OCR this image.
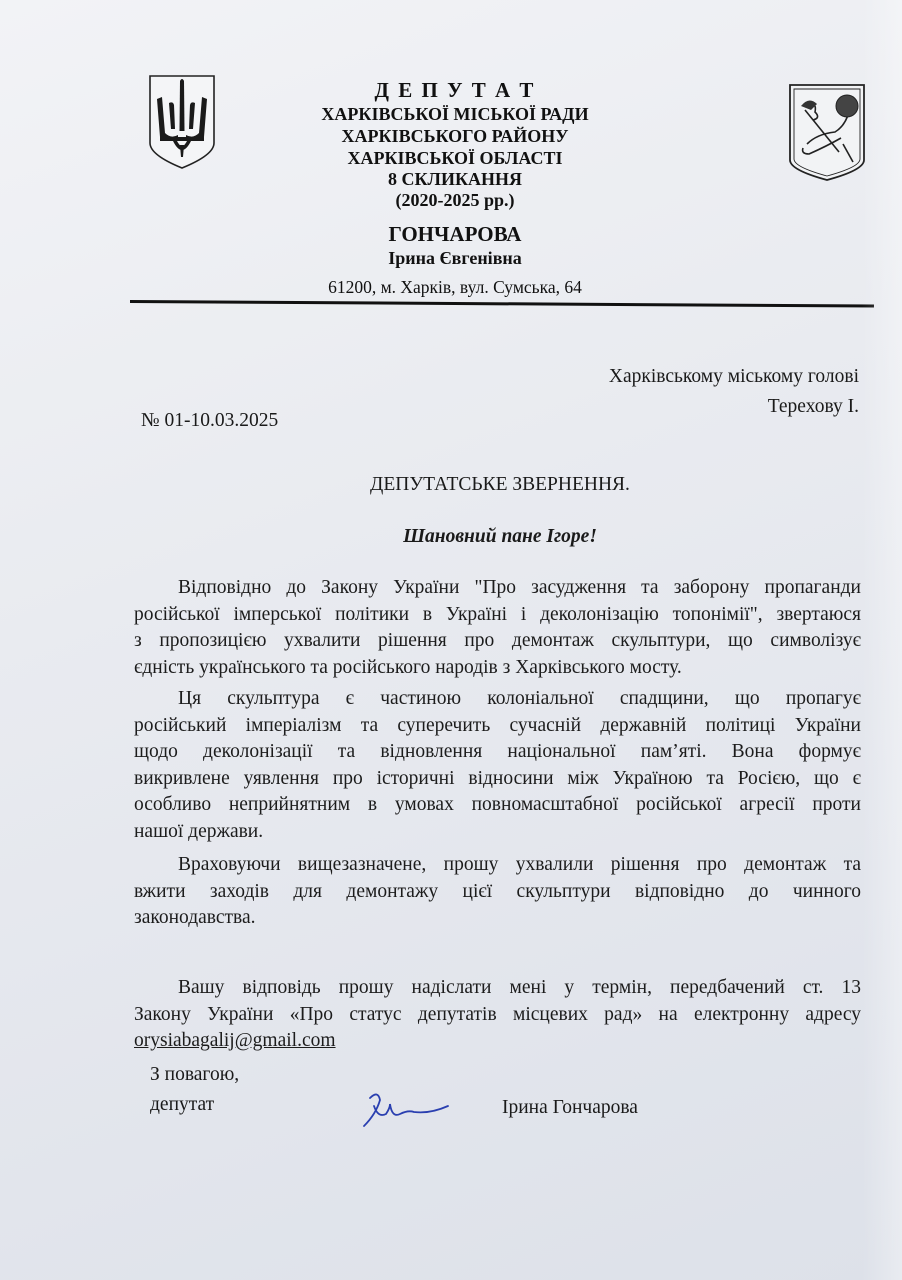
Д Е П У Т А Т
ХАРКІВСЬКОЇ МІСЬКОЇ РАДИ
ХАРКІВСЬКОГО РАЙОНУ
ХАРКІВСЬКОЇ ОБЛАСТІ
8 СКЛИКАННЯ
(2020-2025 рр.)
ГОНЧАРОВА
Ірина Євгенівна
61200, м. Харків, вул. Сумська, 64
Харківському міському голові
Терехову І.
№ 01-10.03.2025
ДЕПУТАТСЬКЕ ЗВЕРНЕННЯ.
Шановний пане Ігоре!
Відповідно до Закону України "Про засудження та заборону пропаганди
російської імперської політики в Україні і деколонізацію топонімії", звертаюся
з пропозицією ухвалити рішення про демонтаж скульптури, що символізує
єдність українського та російського народів з Харківського мосту.
Ця скульптура є частиною колоніальної спадщини, що пропагує
російський імперіалізм та суперечить сучасній державній політиці України
щодо деколонізації та відновлення національної пам’яті. Вона формує
викривлене уявлення про історичні відносини між Україною та Росією, що є
особливо неприйнятним в умовах повномасштабної російської агресії проти
нашої держави.
Враховуючи вищезазначене, прошу ухвалили рішення про демонтаж та
вжити заходів для демонтажу цієї скульптури відповідно до чинного
законодавства.
Вашу відповідь прошу надіслати мені у термін, передбачений ст. 13
Закону України «Про статус депутатів місцевих рад» на електронну адресу
orysiabagalij@gmail.com
З повагою,
депутат	Ірина Гончарова
